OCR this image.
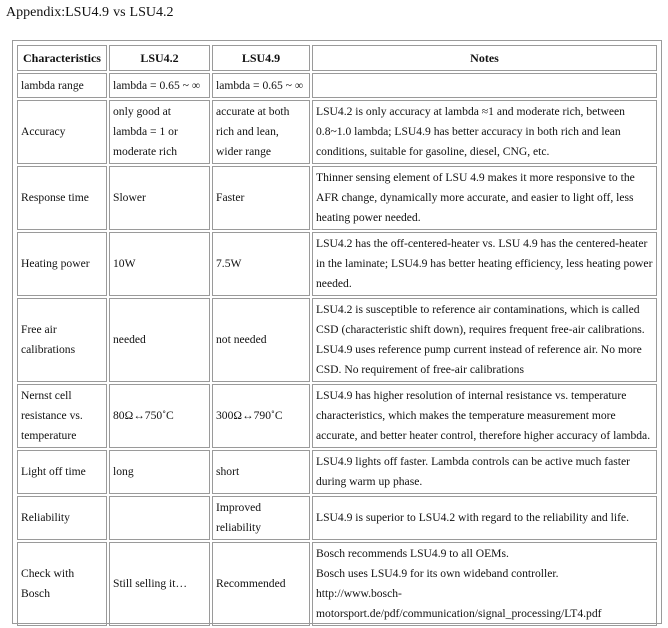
Appendix:LSU4.9 vs LSU4.2
Characteristics	LSU4.2	LSU4.9	Notes
lambda range	lambda = 0.65 ~ ∞	lambda = 0.65 ~ ∞	
Accuracy	only good at lambda = 1 or moderate rich	accurate at both rich and lean, wider range	LSU4.2 is only accuracy at lambda ≈1 and moderate rich, between 0.8~1.0 lambda; LSU4.9 has better accuracy in both rich and lean conditions, suitable for gasoline, diesel, CNG, etc.
Response time	Slower	Faster	Thinner sensing element of LSU 4.9 makes it more responsive to the AFR change, dynamically more accurate, and easier to light off, less heating power needed.
Heating power	10W	7.5W	LSU4.2 has the off-centered-heater vs. LSU 4.9 has the centered-heater in the laminate; LSU4.9 has better heating efficiency, less heating power needed.
Free air calibrations	needed	not needed	LSU4.2 is susceptible to reference air contaminations, which is called CSD (characteristic shift down), requires frequent free-air calibrations. LSU4.9 uses reference pump current instead of reference air. No more CSD. No requirement of free-air calibrations
Nernst cell resistance vs. temperature	80Ω↔750˚C	300Ω↔790˚C	LSU4.9 has higher resolution of internal resistance vs. temperature characteristics, which makes the temperature measurement more accurate, and better heater control, therefore higher accuracy of lambda.
Light off time	long	short	LSU4.9 lights off faster. Lambda controls can be active much faster during warm up phase.
Reliability		Improved reliability	LSU4.9 is superior to LSU4.2 with regard to the reliability and life.
Check with Bosch	Still selling it…	Recommended	Bosch recommends LSU4.9 to all OEMs.
Bosch uses LSU4.9 for its own wideband controller.
http://www.bosch-motorsport.de/pdf/communication/signal_processing/LT4.pdf
